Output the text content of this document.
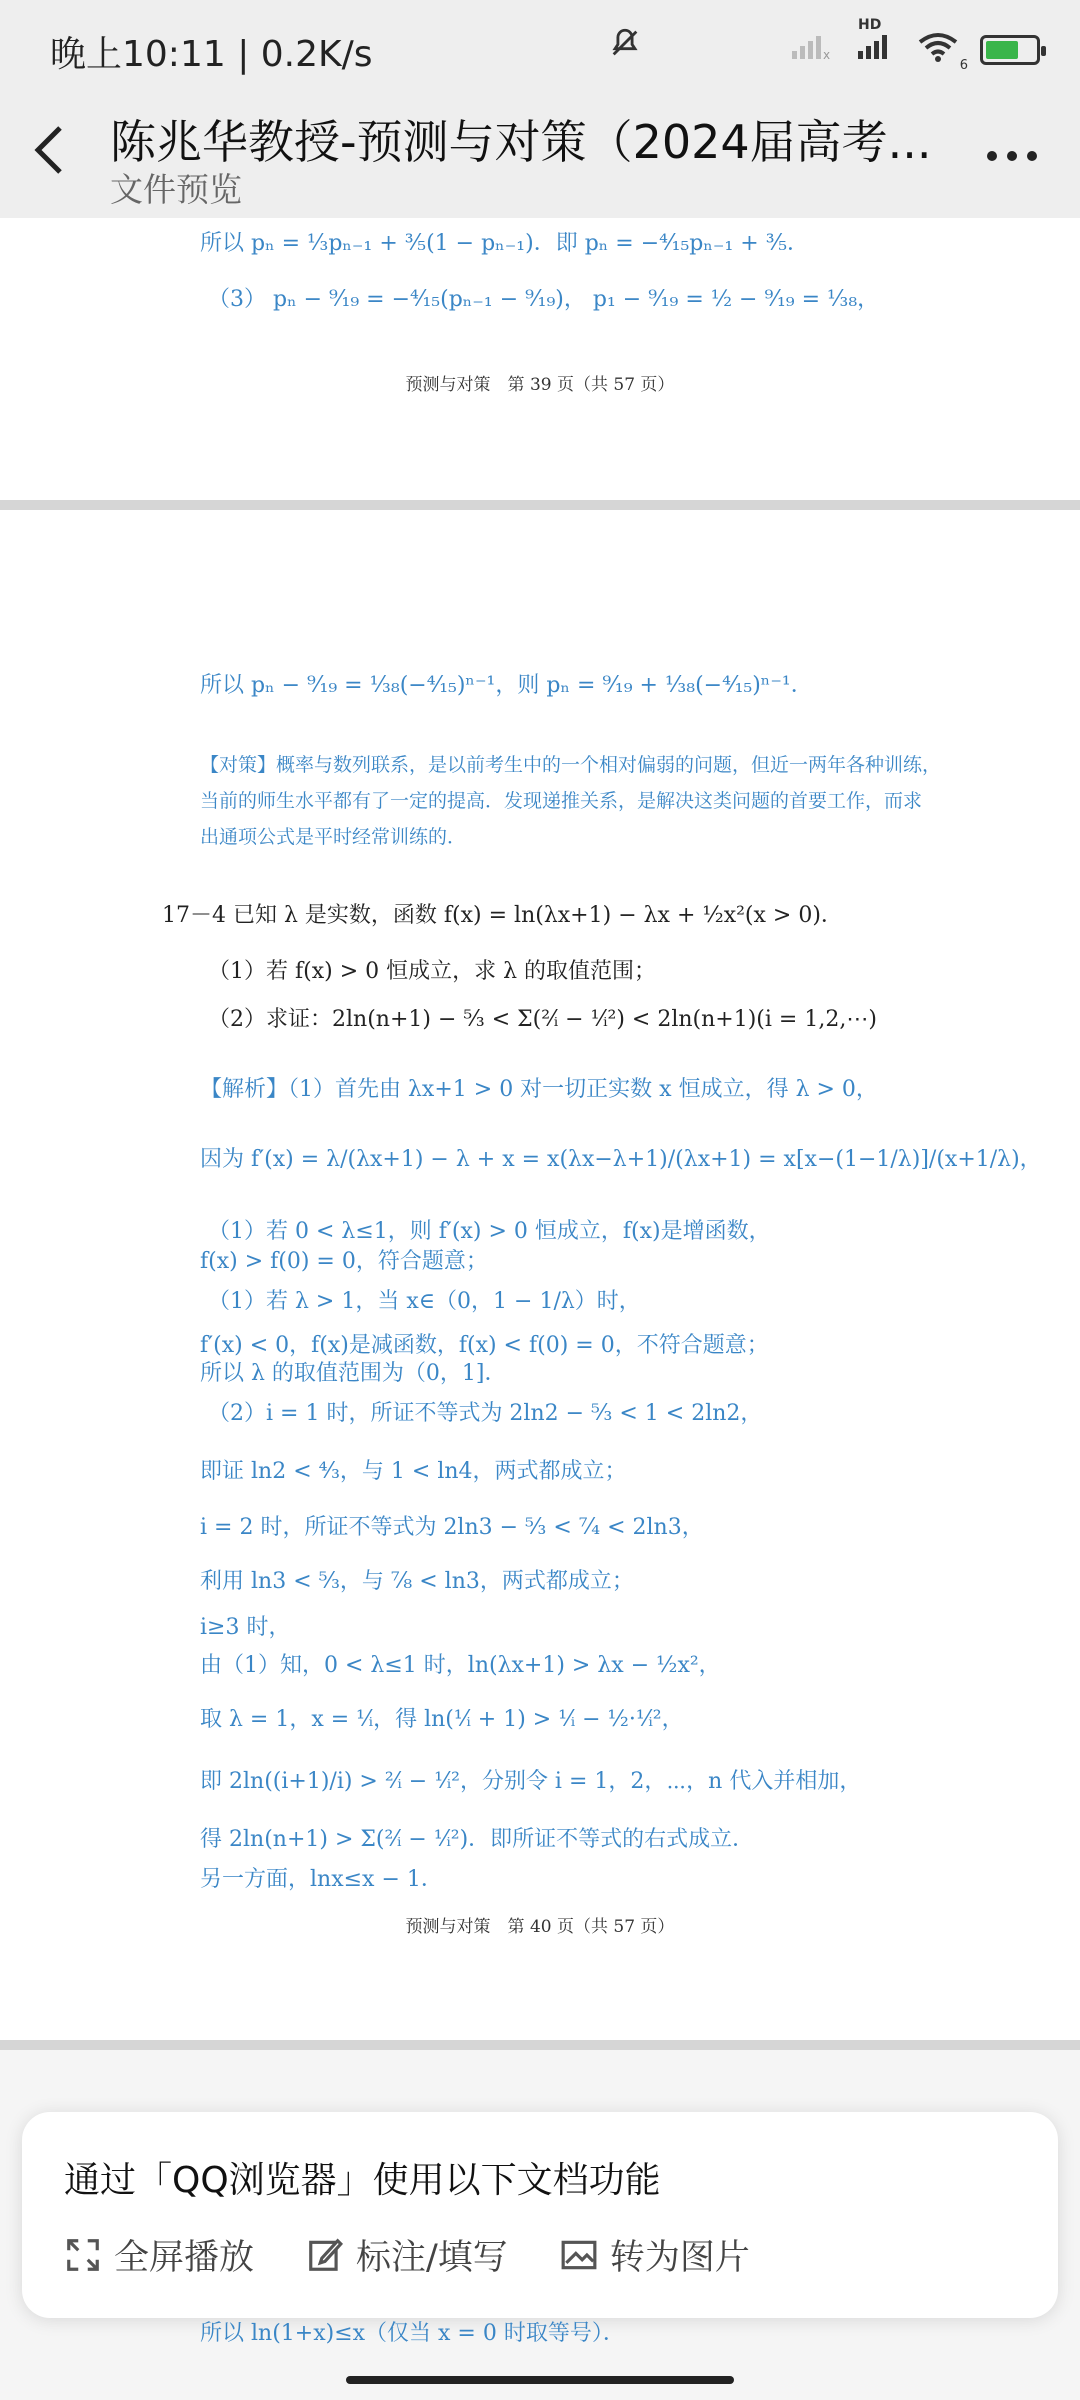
晚上10:11 | 0.2K/s	x
HD
6
陈兆华教授-预测与对策（2024届高考...
文件预览
所以 pₙ = ¹⁄₃pₙ₋₁ + ³⁄₅(1 − pₙ₋₁)．即 pₙ = −⁴⁄₁₅pₙ₋₁ + ³⁄₅．
（3） pₙ − ⁹⁄₁₉ = −⁴⁄₁₅(pₙ₋₁ − ⁹⁄₁₉)， p₁ − ⁹⁄₁₉ = ½ − ⁹⁄₁₉ = ¹⁄₃₈，
预测与对策　第 39 页（共 57 页）
所以 pₙ − ⁹⁄₁₉ = ¹⁄₃₈(−⁴⁄₁₅)ⁿ⁻¹，则 pₙ = ⁹⁄₁₉ + ¹⁄₃₈(−⁴⁄₁₅)ⁿ⁻¹．
【对策】概率与数列联系，是以前考生中的一个相对偏弱的问题，但近一两年各种训练，
当前的师生水平都有了一定的提高．发现递推关系，是解决这类问题的首要工作，而求
出通项公式是平时经常训练的．
17－4 已知 λ 是实数，函数 f(x) = ln(λx+1) − λx + ½x²(x > 0)．
（1）若 f(x) > 0 恒成立，求 λ 的取值范围；
（2）求证：2ln(n+1) − ⁵⁄₃ < Σ(²⁄ᵢ − ¹⁄ᵢ²) < 2ln(n+1)(i = 1,2,⋯)
【解析】（1）首先由 λx+1 > 0 对一切正实数 x 恒成立，得 λ > 0，
因为 f′(x) = λ/(λx+1) − λ + x = x(λx−λ+1)/(λx+1) = x[x−(1−1/λ)]/(x+1/λ)，
（1）若 0 < λ≤1，则 f′(x) > 0 恒成立，f(x)是增函数，
f(x) > f(0) = 0，符合题意；
（1）若 λ > 1，当 x∈（0，1 − 1/λ）时，
f′(x) < 0，f(x)是减函数，f(x) < f(0) = 0，不符合题意；
所以 λ 的取值范围为（0，1]．
（2）i = 1 时，所证不等式为 2ln2 − ⁵⁄₃ < 1 < 2ln2，
即证 ln2 < ⁴⁄₃，与 1 < ln4，两式都成立；
i = 2 时，所证不等式为 2ln3 − ⁵⁄₃ < ⁷⁄₄ < 2ln3，
利用 ln3 < ⁵⁄₃，与 ⁷⁄₈ < ln3，两式都成立；
i≥3 时，
由（1）知，0 < λ≤1 时，ln(λx+1) > λx − ½x²，
取 λ = 1，x = ¹⁄ᵢ，得 ln(¹⁄ᵢ + 1) > ¹⁄ᵢ − ½·¹⁄ᵢ²，
即 2ln((i+1)/i) > ²⁄ᵢ − ¹⁄ᵢ²，分别令 i = 1，2，⋯，n 代入并相加，
得 2ln(n+1) > Σ(²⁄ᵢ − ¹⁄ᵢ²)．即所证不等式的右式成立．
另一方面，lnx≤x − 1．
预测与对策　第 40 页（共 57 页）
通过「QQ浏览器」使用以下文档功能
全屏播放	标注/填写	转为图片
所以 ln(1+x)≤x（仅当 x = 0 时取等号）．
